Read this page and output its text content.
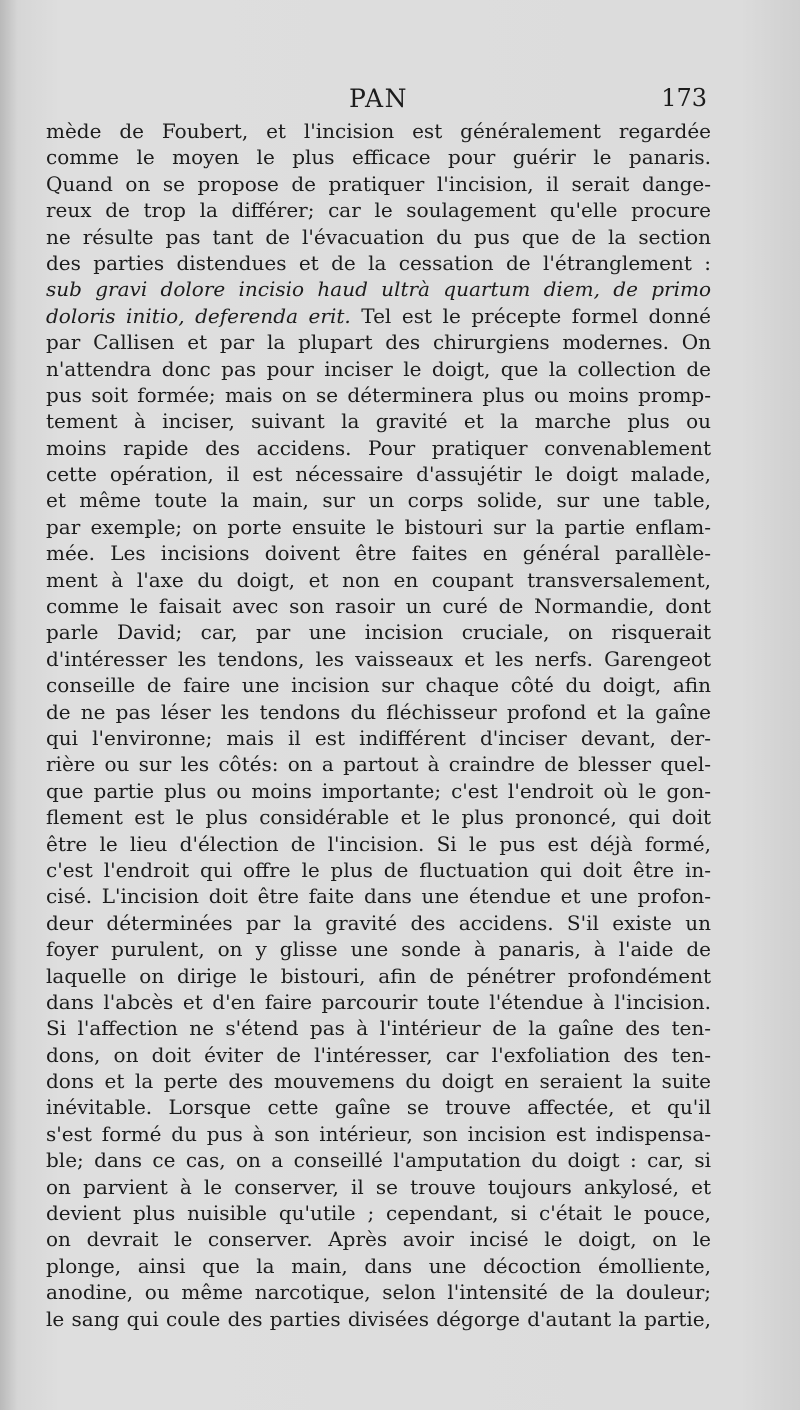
PAN	173
mède de Foubert, et l'incision est généralement regardée
comme le moyen le plus efficace pour guérir le panaris.
Quand on se propose de pratiquer l'incision, il serait dange-
reux de trop la différer; car le soulagement qu'elle procure
ne résulte pas tant de l'évacuation du pus que de la section
des parties distendues et de la cessation de l'étranglement :
sub gravi dolore incisio haud ultrà quartum diem, de primo
doloris initio, deferenda erit. Tel est le précepte formel donné
par Callisen et par la plupart des chirurgiens modernes. On
n'attendra donc pas pour inciser le doigt, que la collection de
pus soit formée; mais on se déterminera plus ou moins promp-
tement à inciser, suivant la gravité et la marche plus ou
moins rapide des accidens. Pour pratiquer convenablement
cette opération, il est nécessaire d'assujétir le doigt malade,
et même toute la main, sur un corps solide, sur une table,
par exemple; on porte ensuite le bistouri sur la partie enflam-
mée. Les incisions doivent être faites en général parallèle-
ment à l'axe du doigt, et non en coupant transversalement,
comme le faisait avec son rasoir un curé de Normandie, dont
parle David; car, par une incision cruciale, on risquerait
d'intéresser les tendons, les vaisseaux et les nerfs. Garengeot
conseille de faire une incision sur chaque côté du doigt, afin
de ne pas léser les tendons du fléchisseur profond et la gaîne
qui l'environne; mais il est indifférent d'inciser devant, der-
rière ou sur les côtés: on a partout à craindre de blesser quel-
que partie plus ou moins importante; c'est l'endroit où le gon-
flement est le plus considérable et le plus prononcé, qui doit
être le lieu d'élection de l'incision. Si le pus est déjà formé,
c'est l'endroit qui offre le plus de fluctuation qui doit être in-
cisé. L'incision doit être faite dans une étendue et une profon-
deur déterminées par la gravité des accidens. S'il existe un
foyer purulent, on y glisse une sonde à panaris, à l'aide de
laquelle on dirige le bistouri, afin de pénétrer profondément
dans l'abcès et d'en faire parcourir toute l'étendue à l'incision.
Si l'affection ne s'étend pas à l'intérieur de la gaîne des ten-
dons, on doit éviter de l'intéresser, car l'exfoliation des ten-
dons et la perte des mouvemens du doigt en seraient la suite
inévitable. Lorsque cette gaîne se trouve affectée, et qu'il
s'est formé du pus à son intérieur, son incision est indispensa-
ble; dans ce cas, on a conseillé l'amputation du doigt : car, si
on parvient à le conserver, il se trouve toujours ankylosé, et
devient plus nuisible qu'utile ; cependant, si c'était le pouce,
on devrait le conserver. Après avoir incisé le doigt, on le
plonge, ainsi que la main, dans une décoction émolliente,
anodine, ou même narcotique, selon l'intensité de la douleur;
le sang qui coule des parties divisées dégorge d'autant la partie,
